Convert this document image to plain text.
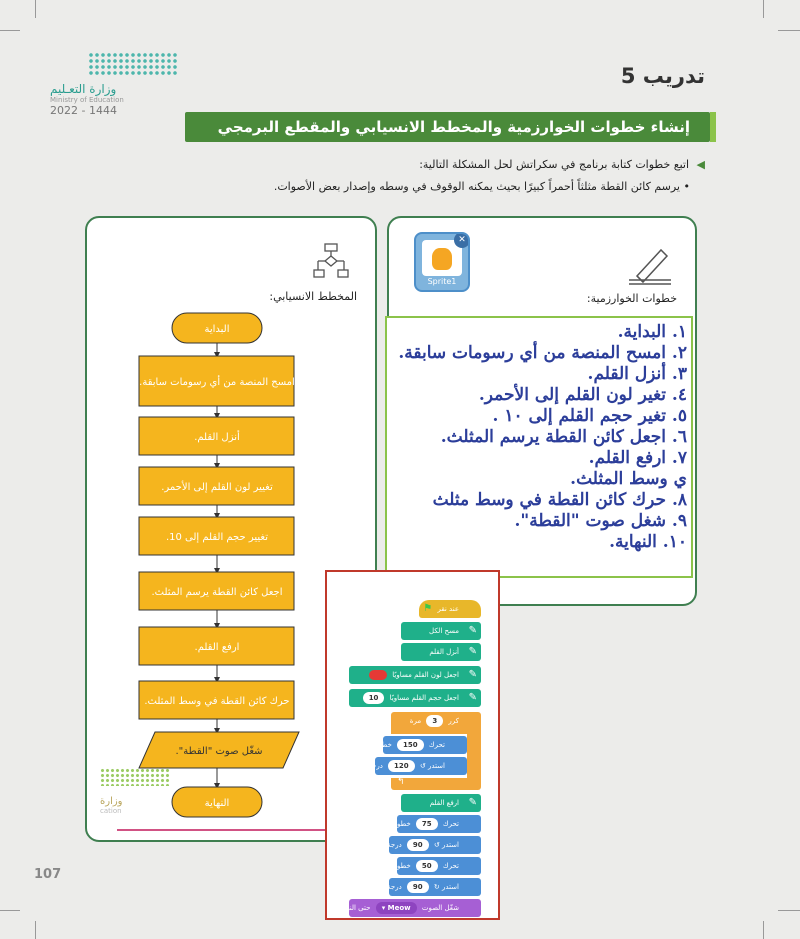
وزارة التعـليم
Ministry of Education
2022 - 1444
تدريب 5
إنشاء خطوات الخوارزمية والمخطط الانسيابي والمقطع البرمجي
◀ اتبع خطوات كتابة برنامج في سكراتش لحل المشكلة التالية:
• يرسم كائن القطة مثلثاً أحمراً كبيرًا بحيث يمكنه الوقوف في وسطه وإصدار بعض الأصوات.
✕
Sprite1
خطوات الخوارزمية:
١. البداية.
٢. امسح المنصة من أي رسومات سابقة.
٣. أنزل القلم.
٤. تغير لون القلم إلى الأحمر.
٥. تغير حجم القلم إلى ١٠ .
٦. اجعل كائن القطة يرسم المثلث.
٧. ارفع القلم.
ي وسط المثلث.
٨. حرك كائن القطة في وسط مثلث
٩. شغل صوت "القطة".
١٠. النهاية.
المخطط الانسيابي:
البداية
امسح المنصة من أي رسومات سابقة.
أنزل القلم.
تغيير لون القلم إلى الأحمر.
تغيير حجم القلم إلى 10.
اجعل كائن القطة يرسم المثلث.
ارفع القلم.
حرك كائن القطة في وسط المثلث.
شغّل صوت "القطة".
النهاية
وزارة
cation
عند نقر ⚑
✎
مسح الكل
✎
أنزل القلم
✎
اجعل لون القلم مساويًا
✎
اجعل حجم القلم مساويًا 10
كرر 3 مرة
تحرك 150 خطوة
استدر ↺ 120 درجة
↰
✎
ارفع القلم
تحرك 75 خطوة
استدر ↺ 90 درجة
تحرك 50 خطوة
استدر ↻ 90 درجة
شغّل الصوت Meow ▾ حتى النهاية
107
